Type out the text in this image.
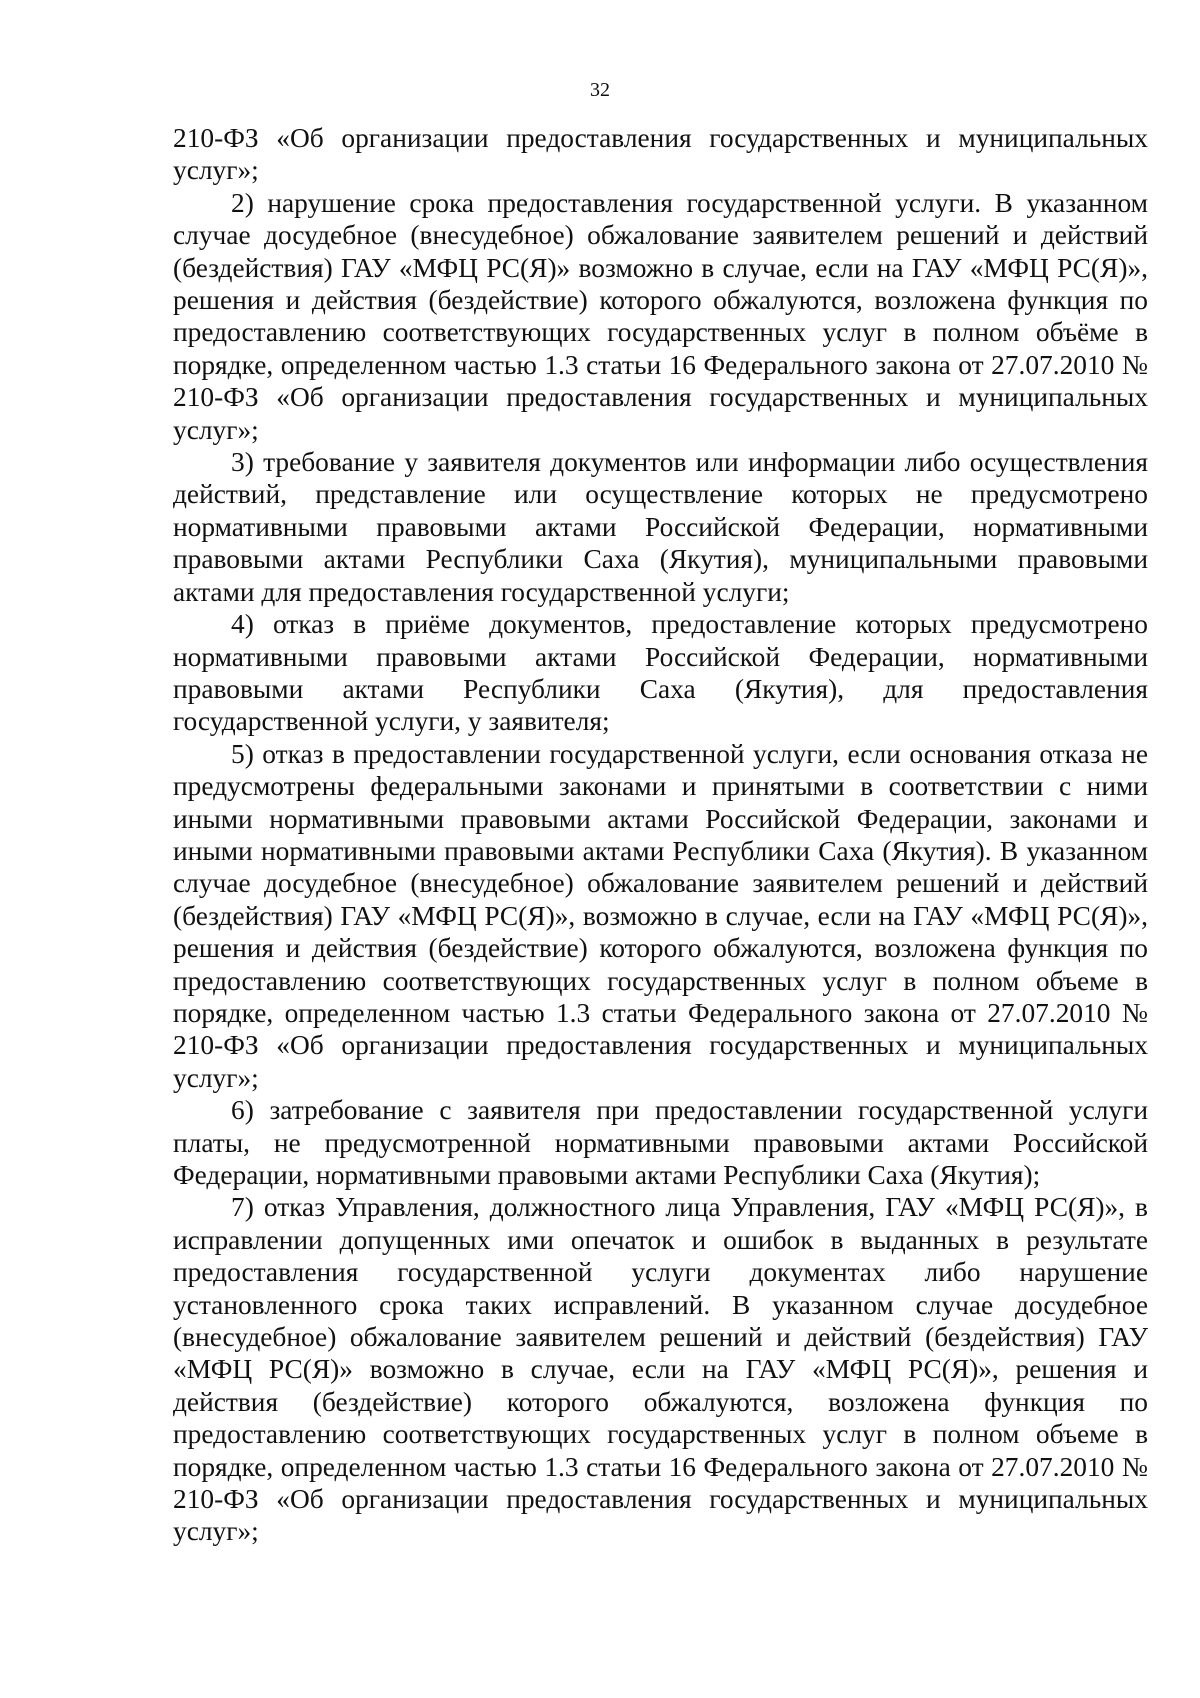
32

210-ФЗ «Об организации предоставления государственных и муниципальных услуг»;

2) нарушение срока предоставления государственной услуги. В указанном случае досудебное (внесудебное) обжалование заявителем решений и действий (бездействия) ГАУ «МФЦ РС(Я)» возможно в случае, если на ГАУ «МФЦ РС(Я)», решения и действия (бездействие) которого обжалуются, возложена функция по предоставлению соответствующих государственных услуг в полном объёме в порядке, определенном частью 1.3 статьи 16 Федерального закона от 27.07.2010 № 210-ФЗ «Об организации предоставления государственных и муниципальных услуг»;

3) требование у заявителя документов или информации либо осуществления действий, представление или осуществление которых не предусмотрено нормативными правовыми актами Российской Федерации, нормативными правовыми актами Республики Саха (Якутия), муниципальными правовыми актами для предоставления государственной услуги;

4) отказ в приёме документов, предоставление которых предусмотрено нормативными правовыми актами Российской Федерации, нормативными правовыми актами Республики Саха (Якутия), для предоставления государственной услуги, у заявителя;

5) отказ в предоставлении государственной услуги, если основания отказа не предусмотрены федеральными законами и принятыми в соответствии с ними иными нормативными правовыми актами Российской Федерации, законами и иными нормативными правовыми актами Республики Саха (Якутия). В указанном случае досудебное (внесудебное) обжалование заявителем решений и действий (бездействия) ГАУ «МФЦ РС(Я)», возможно в случае, если на ГАУ «МФЦ РС(Я)», решения и действия (бездействие) которого обжалуются, возложена функция по предоставлению соответствующих государственных услуг в полном объеме в порядке, определенном частью 1.3 статьи Федерального закона от 27.07.2010 № 210-ФЗ «Об организации предоставления государственных и муниципальных услуг»;

6) затребование с заявителя при предоставлении государственной услуги платы, не предусмотренной нормативными правовыми актами Российской Федерации, нормативными правовыми актами Республики Саха (Якутия);

7) отказ Управления, должностного лица Управления, ГАУ «МФЦ РС(Я)», в исправлении допущенных ими опечаток и ошибок в выданных в результате предоставления государственной услуги документах либо нарушение установленного срока таких исправлений. В указанном случае досудебное (внесудебное) обжалование заявителем решений и действий (бездействия) ГАУ «МФЦ РС(Я)» возможно в случае, если на ГАУ «МФЦ РС(Я)», решения и действия (бездействие) которого обжалуются, возложена функция по предоставлению соответствующих государственных услуг в полном объеме в порядке, определенном частью 1.3 статьи 16 Федерального закона от 27.07.2010 № 210-ФЗ «Об организации предоставления государственных и муниципальных услуг»;
